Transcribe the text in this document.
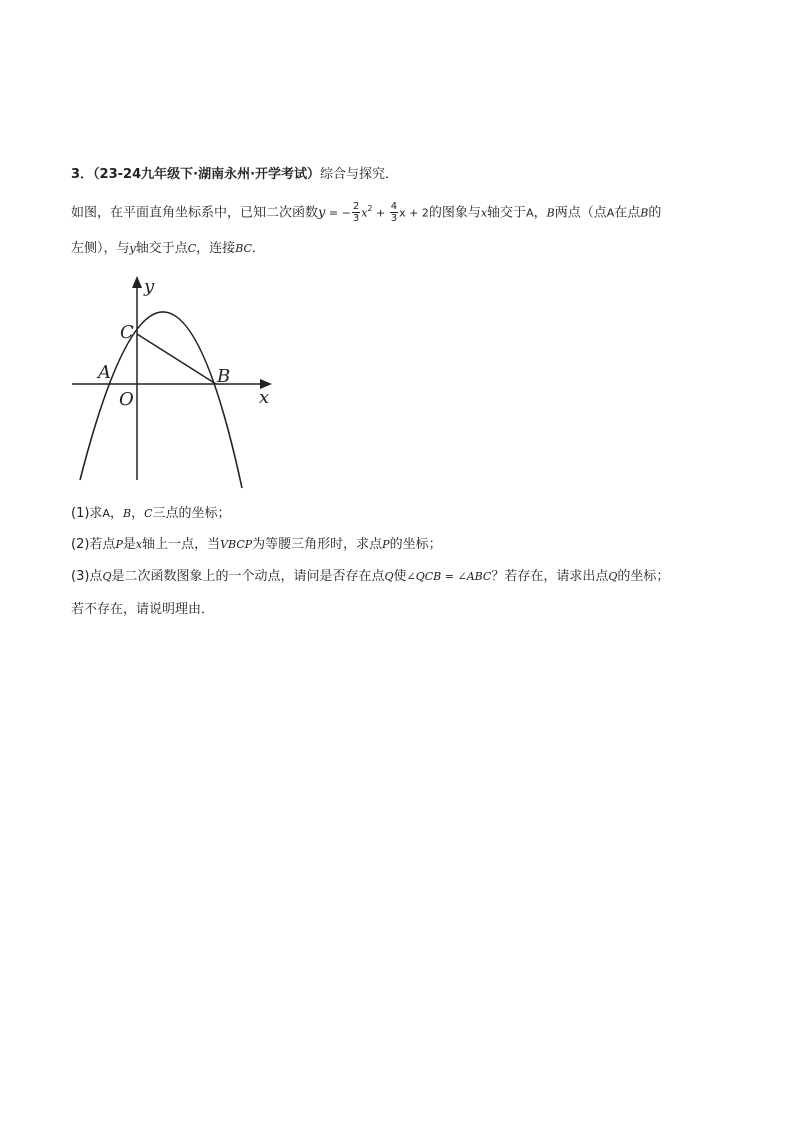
3．（23-24九年级下·湖南永州·开学考试）综合与探究．
如图，在平面直角坐标系中，已知二次函数y = − $\frac{2}{3} x^2 + \frac{4}{3}$ x + 2的图象与x轴交于A，B两点（点A在点B的
左侧），与y轴交于点C，连接BC．
y
C
A	B
O	x
(1)求A，B，C三点的坐标；
(2)若点P是x轴上一点，当VBCP为等腰三角形时，求点P的坐标；
(3)点Q是二次函数图象上的一个动点，请问是否存在点Q使∠QCB = ∠ABC？若存在，请求出点Q的坐标；
若不存在，请说明理由．
